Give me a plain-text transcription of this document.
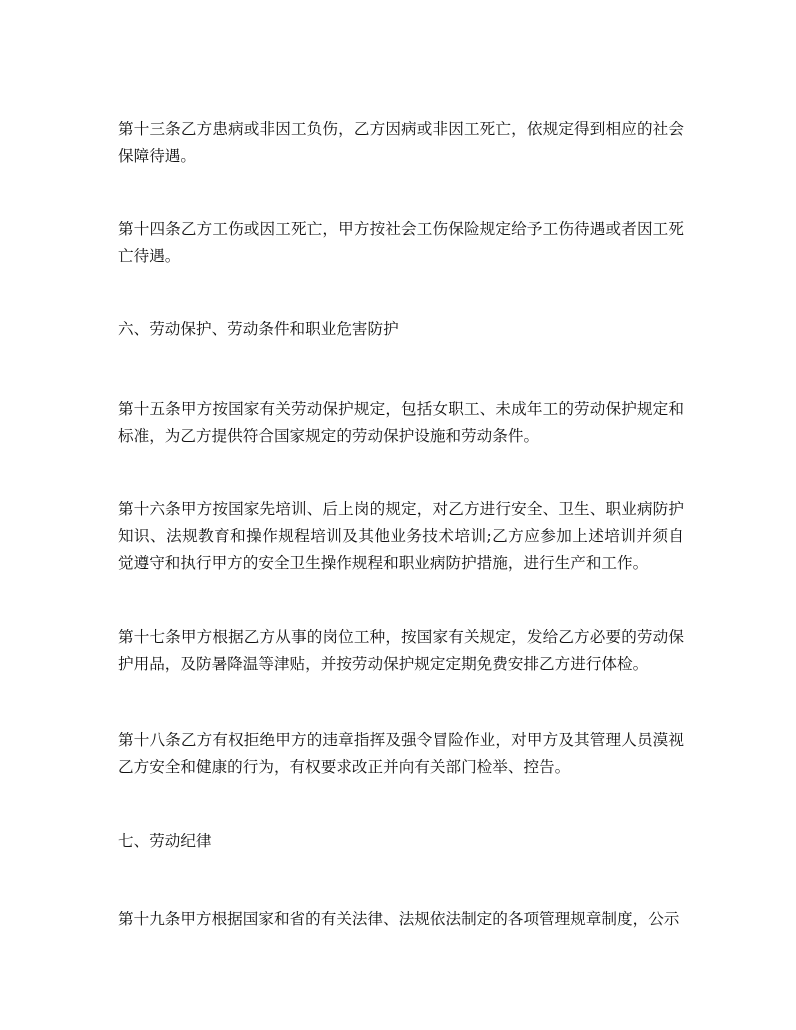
第十三条乙方患病或非因工负伤，乙方因病或非因工死亡，依规定得到相应的社会保障待遇。

第十四条乙方工伤或因工死亡，甲方按社会工伤保险规定给予工伤待遇或者因工死亡待遇。

六、劳动保护、劳动条件和职业危害防护

第十五条甲方按国家有关劳动保护规定，包括女职工、未成年工的劳动保护规定和标准，为乙方提供符合国家规定的劳动保护设施和劳动条件。

第十六条甲方按国家先培训、后上岗的规定，对乙方进行安全、卫生、职业病防护知识、法规教育和操作规程培训及其他业务技术培训;乙方应参加上述培训并须自觉遵守和执行甲方的安全卫生操作规程和职业病防护措施，进行生产和工作。

第十七条甲方根据乙方从事的岗位工种，按国家有关规定，发给乙方必要的劳动保护用品，及防暑降温等津贴，并按劳动保护规定定期免费安排乙方进行体检。

第十八条乙方有权拒绝甲方的违章指挥及强令冒险作业，对甲方及其管理人员漠视乙方安全和健康的行为，有权要求改正并向有关部门检举、控告。

七、劳动纪律

第十九条甲方根据国家和省的有关法律、法规依法制定的各项管理规章制度，公示
